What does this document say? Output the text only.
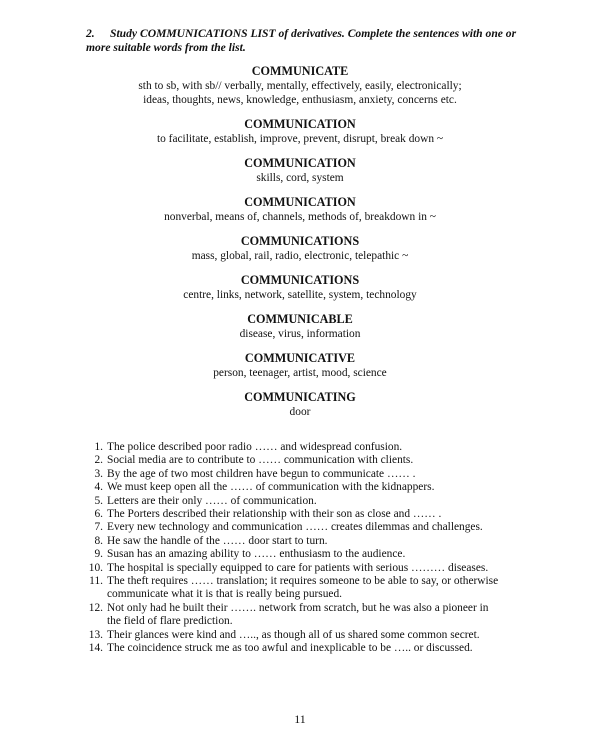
2. Study COMMUNICATIONS LIST of derivatives. Complete the sentences with one or more suitable words from the list.
COMMUNICATE
sth to sb, with sb// verbally, mentally, effectively, easily, electronically;
ideas, thoughts, news, knowledge, enthusiasm, anxiety, concerns etc.
COMMUNICATION
to facilitate, establish, improve, prevent, disrupt, break down ~
COMMUNICATION
skills, cord, system
COMMUNICATION
nonverbal, means of, channels, methods of, breakdown in ~
COMMUNICATIONS
mass, global, rail, radio, electronic, telepathic ~
COMMUNICATIONS
centre, links, network, satellite, system, technology
COMMUNICABLE
disease, virus, information
COMMUNICATIVE
person, teenager, artist, mood, science
COMMUNICATING
door
1. The police described poor radio …… and widespread confusion.
2. Social media are to contribute to …… communication with clients.
3. By the age of two most children have begun to communicate …… .
4. We must keep open all the …… of communication with the kidnappers.
5. Letters are their only …… of communication.
6. The Porters described their relationship with their son as close and …… .
7. Every new technology and communication …… creates dilemmas and challenges.
8. He saw the handle of the …… door start to turn.
9. Susan has an amazing ability to …… enthusiasm to the audience.
10. The hospital is specially equipped to care for patients with serious ……… diseases.
11. The theft requires …… translation; it requires someone to be able to say, or otherwise
communicate what it is that is really being pursued.
12. Not only had he built their ……. network from scratch, but he was also a pioneer in
the field of flare prediction.
13. Their glances were kind and ….., as though all of us shared some common secret.
14. The coincidence struck me as too awful and inexplicable to be ….. or discussed.
11
